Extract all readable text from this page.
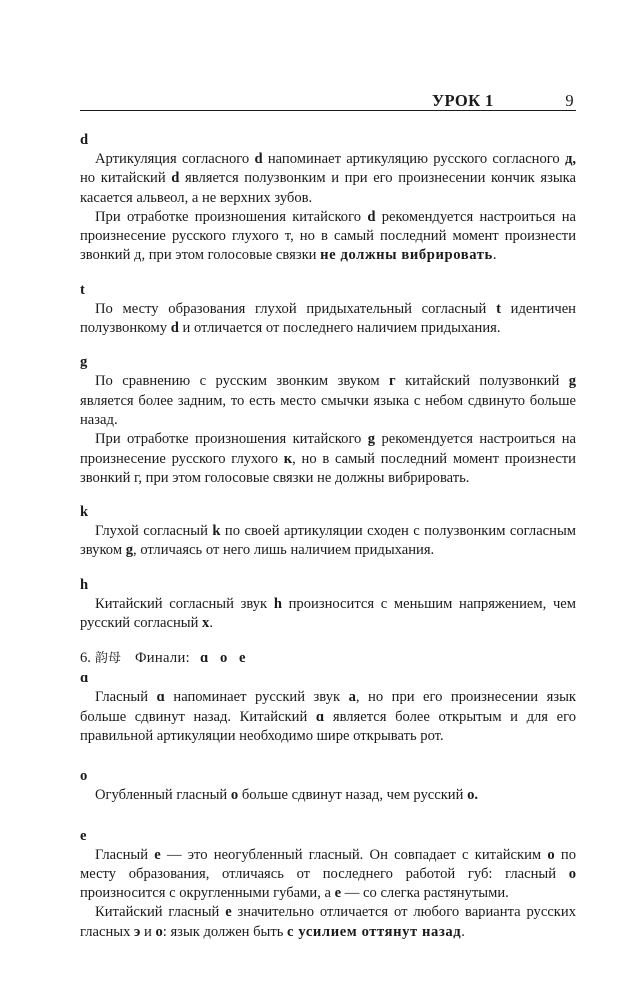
УРОК 1	9
d

Артикуляция согласного d напоминает артикуляцию русского согласного д, но китайский d является полузвонким и при его произнесении кончик языка касается альвеол, а не верхних зубов.

При отработке произношения китайского d рекомендуется настроиться на произнесение русского глухого т, но в самый последний момент произнести звонкий д, при этом голосовые связки не должны вибрировать.

t

По месту образования глухой придыхательный согласный t идентичен полузвонкому d и отличается от последнего наличием придыхания.

g

По сравнению с русским звонким звуком г китайский полузвонкий g является более задним, то есть место смычки языка с небом сдвинуто больше назад.

При отработке произношения китайского g рекомендуется настроиться на произнесение русского глухого к, но в самый последний момент произнести звонкий г, при этом голосовые связки не должны вибрировать.

k

Глухой согласный k по своей артикуляции сходен с полузвонким согласным звуком g, отличаясь от него лишь наличием придыхания.

h

Китайский согласный звук h произносится с меньшим напряжением, чем русский согласный х.

6. 韵母 Финали: ɑ o e
ɑ

Гласный ɑ напоминает русский звук а, но при его произнесении язык больше сдвинут назад. Китайский ɑ является более открытым и для его правильной артикуляции необходимо шире открывать рот.

o

Огубленный гласный o больше сдвинут назад, чем русский о.

e

Гласный e — это неогубленный гласный. Он совпадает с китайским o по месту образования, отличаясь от последнего работой губ: гласный o произносится с округленными губами, а e — со слегка растянутыми.

Китайский гласный e значительно отличается от любого варианта русских гласных э и о: язык должен быть с усилием оттянут назад.
